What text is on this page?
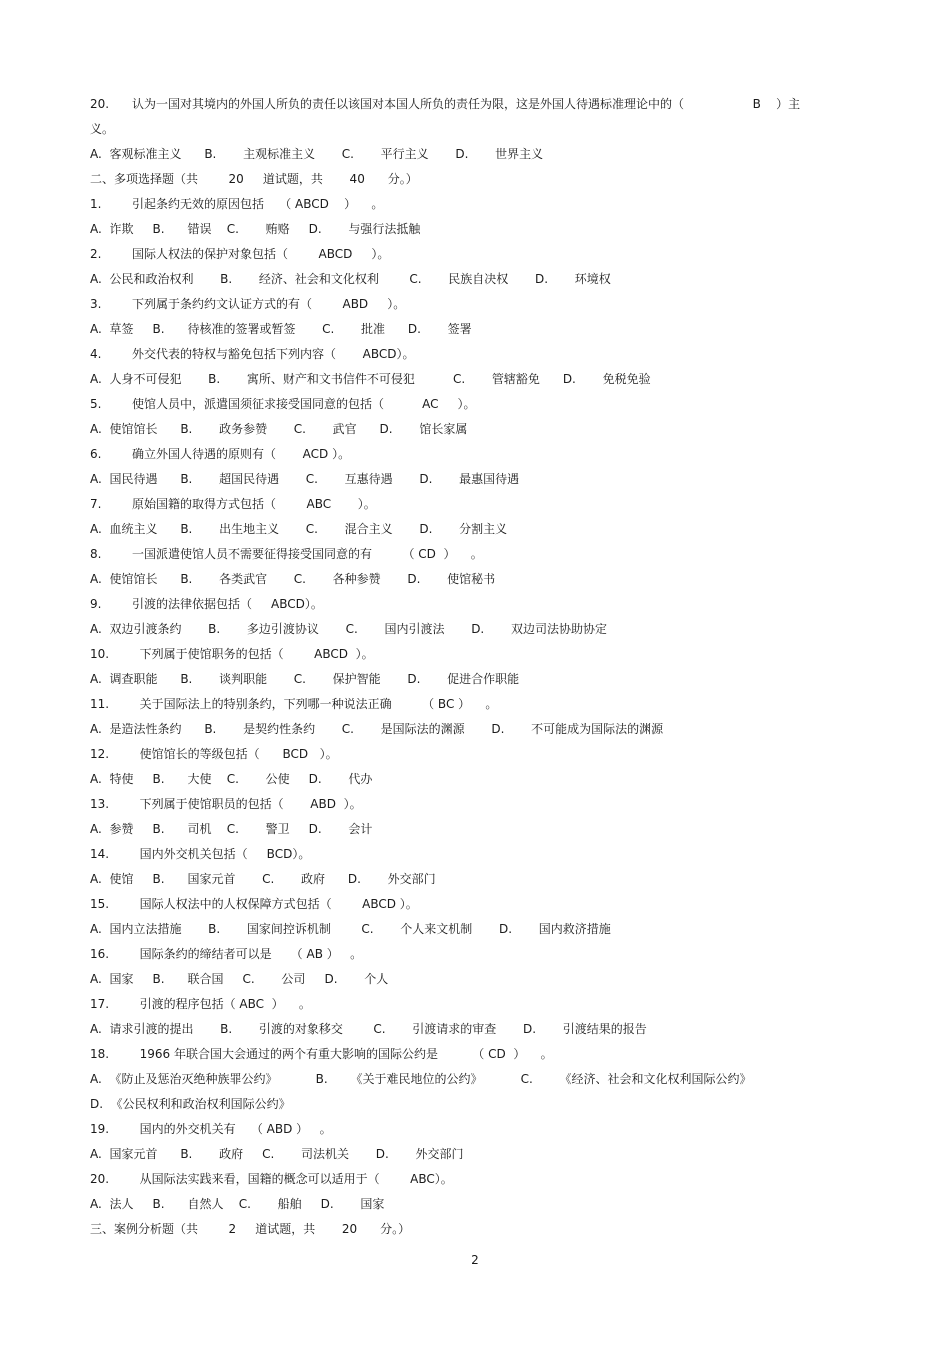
20.      认为一国对其境内的外国人所负的责任以该国对本国人所负的责任为限，这是外国人待遇标准理论中的（                  B    ）主
义。
A.  客观标准主义      B.       主观标准主义       C.       平行主义       D.       世界主义
二、多项选择题（共        20     道试题，共       40      分。）
1.        引起条约无效的原因包括    （ ABCD    ）    。
A.  诈欺     B.      错误    C.       贿赂     D.       与强行法抵触
2.        国际人权法的保护对象包括（        ABCD     ）。
A.  公民和政治权利       B.       经济、社会和文化权利        C.       民族自决权       D.       环境权
3.        下列属于条约约文认证方式的有（        ABD     ）。
A.  草签     B.      待核准的签署或暂签       C.       批准      D.       签署
4.        外交代表的特权与豁免包括下列内容（       ABCD）。
A.  人身不可侵犯       B.       寓所、财产和文书信件不可侵犯          C.       管辖豁免      D.       免税免验
5.        使馆人员中，派遣国须征求接受国同意的包括（          AC     ）。
A.  使馆馆长      B.       政务参赞       C.       武官      D.       馆长家属
6.        确立外国人待遇的原则有（       ACD ）。
A.  国民待遇      B.       超国民待遇       C.       互惠待遇       D.       最惠国待遇
7.        原始国籍的取得方式包括（        ABC       ）。
A.  血统主义      B.       出生地主义       C.       混合主义       D.       分割主义
8.        一国派遣使馆人员不需要征得接受国同意的有        （ CD  ）    。
A.  使馆馆长      B.       各类武官       C.       各种参赞       D.       使馆秘书
9.        引渡的法律依据包括（     ABCD）。
A.  双边引渡条约       B.       多边引渡协议       C.       国内引渡法       D.       双边司法协助协定
10.        下列属于使馆职务的包括（        ABCD  ）。
A.  调查职能      B.       谈判职能       C.       保护智能       D.       促进合作职能
11.        关于国际法上的特别条约，下列哪一种说法正确        （ BC ）    。
A.  是造法性条约      B.       是契约性条约       C.       是国际法的渊源       D.       不可能成为国际法的渊源
12.        使馆馆长的等级包括（      BCD   ）。
A.  特使     B.      大使    C.       公使     D.       代办
13.        下列属于使馆职员的包括（       ABD  ）。
A.  参赞     B.      司机    C.       警卫     D.       会计
14.        国内外交机关包括（     BCD）。
A.  使馆     B.      国家元首       C.       政府      D.       外交部门
15.        国际人权法中的人权保障方式包括（        ABCD ）。
A.  国内立法措施       B.       国家间控诉机制        C.       个人来文机制       D.       国内救济措施
16.        国际条约的缔结者可以是     （ AB ）   。
A.  国家     B.      联合国     C.       公司     D.       个人
17.        引渡的程序包括（ ABC  ）    。
A.  请求引渡的提出       B.       引渡的对象移交        C.       引渡请求的审查       D.       引渡结果的报告
18.        1966 年联合国大会通过的两个有重大影响的国际公约是         （ CD  ）    。
A.  《防止及惩治灭绝种族罪公约》          B.      《关于难民地位的公约》          C.       《经济、社会和文化权利国际公约》
D.  《公民权利和政治权利国际公约》
19.        国内的外交机关有    （ ABD ）   。
A.  国家元首      B.       政府     C.       司法机关       D.       外交部门
20.        从国际法实践来看，国籍的概念可以适用于（        ABC）。
A.  法人     B.      自然人    C.       船舶     D.       国家
三、案例分析题（共        2     道试题，共       20      分。）
2
